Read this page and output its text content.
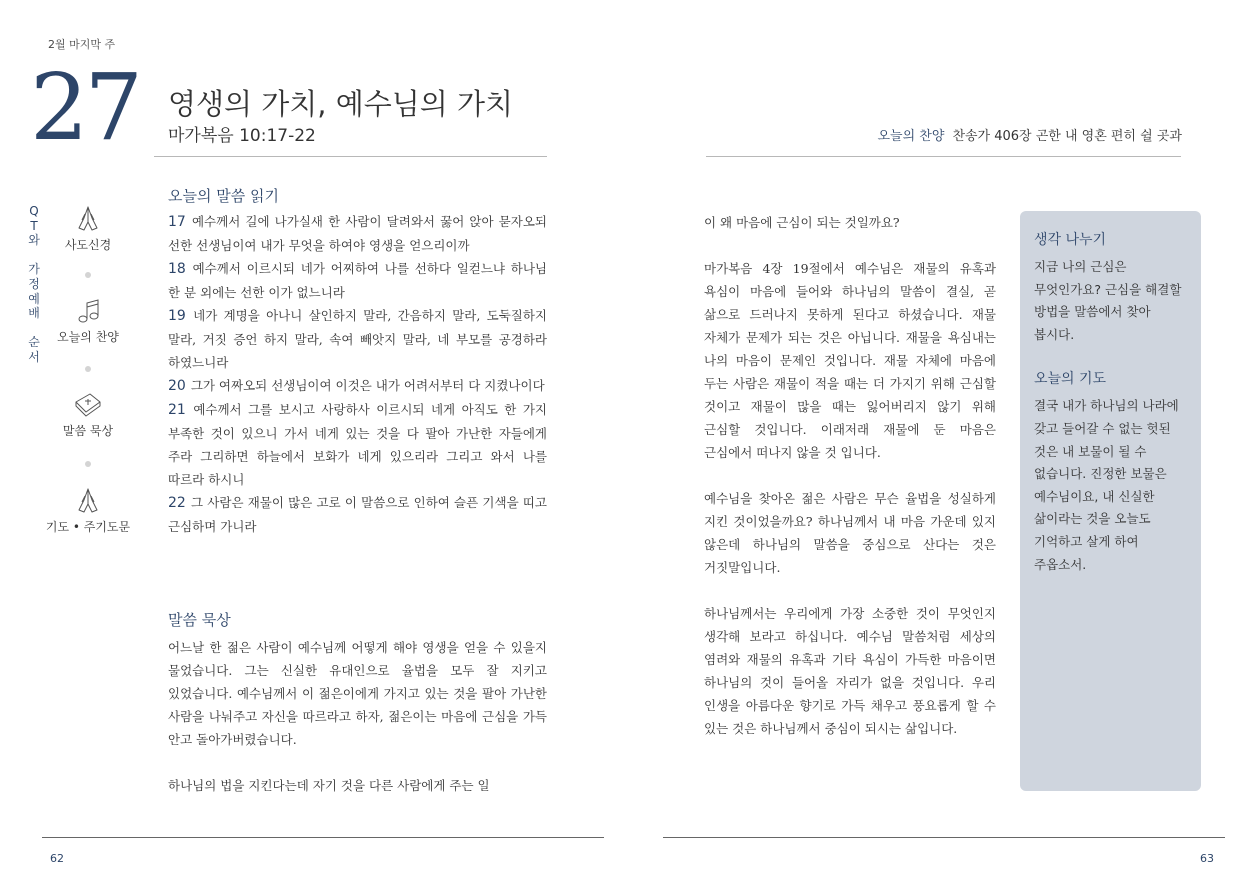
2월 마지막 주
27 영생의 가치, 예수님의 가치
마가복음 10:17-22
Q
T
와

가
정
예
배

순
서
사도신경
오늘의 찬양
말씀 묵상
기도 • 주기도문
오늘의 말씀 읽기

17 예수께서 길에 나가실새 한 사람이 달려와서 꿇어 앉아 묻자오되 선한 선생님이여 내가 무엇을 하여야 영생을 얻으리이까

18 예수께서 이르시되 네가 어찌하여 나를 선하다 일컫느냐 하나님 한 분 외에는 선한 이가 없느니라

19 네가 계명을 아나니 살인하지 말라, 간음하지 말라, 도둑질하지 말라, 거짓 증언 하지 말라, 속여 빼앗지 말라, 네 부모를 공경하라 하였느니라

20 그가 여짜오되 선생님이여 이것은 내가 어려서부터 다 지켰나이다

21 예수께서 그를 보시고 사랑하사 이르시되 네게 아직도 한 가지 부족한 것이 있으니 가서 네게 있는 것을 다 팔아 가난한 자들에게 주라 그리하면 하늘에서 보화가 네게 있으리라 그리고 와서 나를 따르라 하시니

22 그 사람은 재물이 많은 고로 이 말씀으로 인하여 슬픈 기색을 띠고 근심하며 가니라

말씀 묵상

어느날 한 젊은 사람이 예수님께 어떻게 해야 영생을 얻을 수 있을지 물었습니다. 그는 신실한 유대인으로 율법을 모두 잘 지키고 있었습니다. 예수님께서 이 젊은이에게 가지고 있는 것을 팔아 가난한 사람을 나눠주고 자신을 따르라고 하자, 젊은이는 마음에 근심을 가득 안고 돌아가버렸습니다.

하나님의 법을 지킨다는데 자기 것을 다른 사람에게 주는 일

오늘의 찬양 찬송가 406장 곤한 내 영혼 편히 쉴 곳과

이 왜 마음에 근심이 되는 것일까요?

마가복음 4장 19절에서 예수님은 재물의 유혹과 욕심이 마음에 들어와 하나님의 말씀이 결실, 곧 삶으로 드러나지 못하게 된다고 하셨습니다. 재물 자체가 문제가 되는 것은 아닙니다. 재물을 욕심내는 나의 마음이 문제인 것입니다. 재물 자체에 마음에 두는 사람은 재물이 적을 때는 더 가지기 위해 근심할 것이고 재물이 많을 때는 잃어버리지 않기 위해 근심할 것입니다. 이래저래 재물에 둔 마음은 근심에서 떠나지 않을 것 입니다.

예수님을 찾아온 젊은 사람은 무슨 율법을 성실하게 지킨 것이었을까요? 하나님께서 내 마음 가운데 있지 않은데 하나님의 말씀을 중심으로 산다는 것은 거짓말입니다.

하나님께서는 우리에게 가장 소중한 것이 무엇인지 생각해 보라고 하십니다. 예수님 말씀처럼 세상의 염려와 재물의 유혹과 기타 욕심이 가득한 마음이면 하나님의 것이 들어올 자리가 없을 것입니다. 우리 인생을 아름다운 향기로 가득 채우고 풍요롭게 할 수 있는 것은 하나님께서 중심이 되시는 삶입니다.

생각 나누기

지금 나의 근심은 무엇인가요? 근심을 해결할 방법을 말씀에서 찾아 봅시다.

오늘의 기도

결국 내가 하나님의 나라에 갖고 들어갈 수 없는 헛된 것은 내 보물이 될 수 없습니다. 진정한 보물은 예수님이요, 내 신실한 삶이라는 것을 오늘도 기억하고 살게 하여 주옵소서.

62	63
